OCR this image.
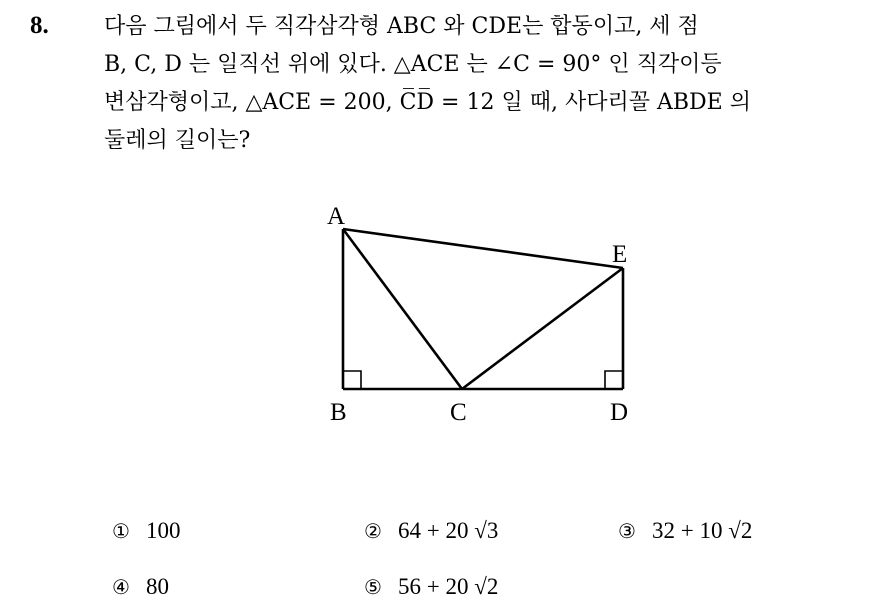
8.	다음 그림에서 두 직각삼각형 ABC 와 CDE는 합동이고, 세 점
B, C, D 는 일직선 위에 있다. △ACE 는 ∠C = 90° 인 직각이등
변삼각형이고, △ACE = 200, C̅D̅ = 12 일 때, 사다리꼴 ABDE 의
둘레의 길이는?
A
B	C	D
E
① 100	② 64 + 20 √3	③ 32 + 10 √2
④ 80	⑤ 56 + 20 √2
